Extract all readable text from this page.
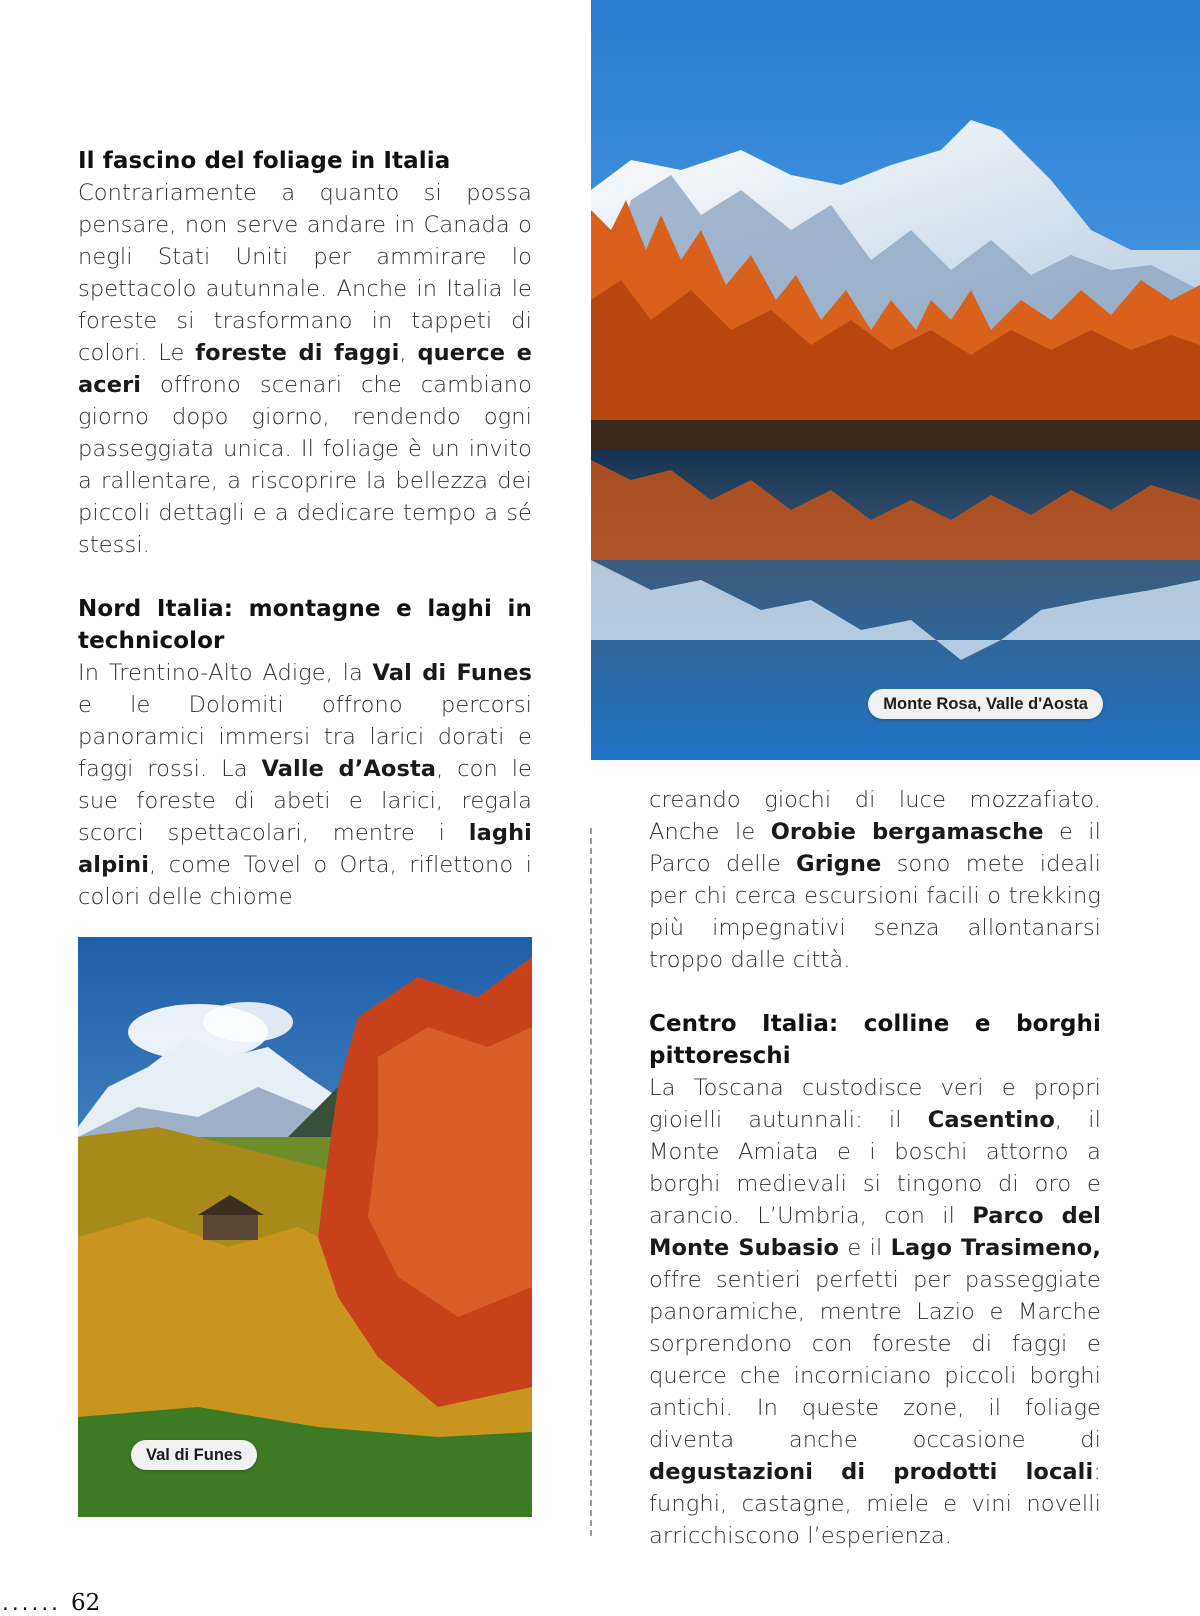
Monte Rosa, Valle d'Aosta
Il fascino del foliage in Italia

Contrariamente a quanto si possa pensare, non serve andare in Canada o negli Stati Uniti per ammirare lo spettacolo autunnale. Anche in Italia le foreste si trasformano in tappeti di colori. Le foreste di faggi, querce e aceri offrono scenari che cambiano giorno dopo giorno, rendendo ogni passeggiata unica. Il foliage è un invito a rallentare, a riscoprire la bellezza dei piccoli dettagli e a dedicare tempo a sé stessi.

Nord Italia: montagne e laghi in technicolor

In Trentino-Alto Adige, la Val di Funes e le Dolomiti offrono percorsi panoramici immersi tra larici dorati e faggi rossi. La Valle d’Aosta, con le sue foreste di abeti e larici, regala scorci spettacolari, mentre i laghi alpini, come Tovel o Orta, riflettono i colori delle chiome

Val di Funes

creando giochi di luce mozzafiato. Anche le Orobie bergamasche e il Parco delle Grigne sono mete ideali per chi cerca escursioni facili o trekking più impegnativi senza allontanarsi troppo dalle città.

Centro Italia: colline e borghi pittoreschi

La Toscana custodisce veri e propri gioielli autunnali: il Casentino, il Monte Amiata e i boschi attorno a borghi medievali si tingono di oro e arancio. L’Umbria, con il Parco del Monte Subasio e il Lago Trasimeno, offre sentieri perfetti per passeggiate panoramiche, mentre Lazio e Marche sorprendono con foreste di faggi e querce che incorniciano piccoli borghi antichi. In queste zone, il foliage diventa anche occasione di degustazioni di prodotti locali: funghi, castagne, miele e vini novelli arricchiscono l’esperienza.

...... 62
